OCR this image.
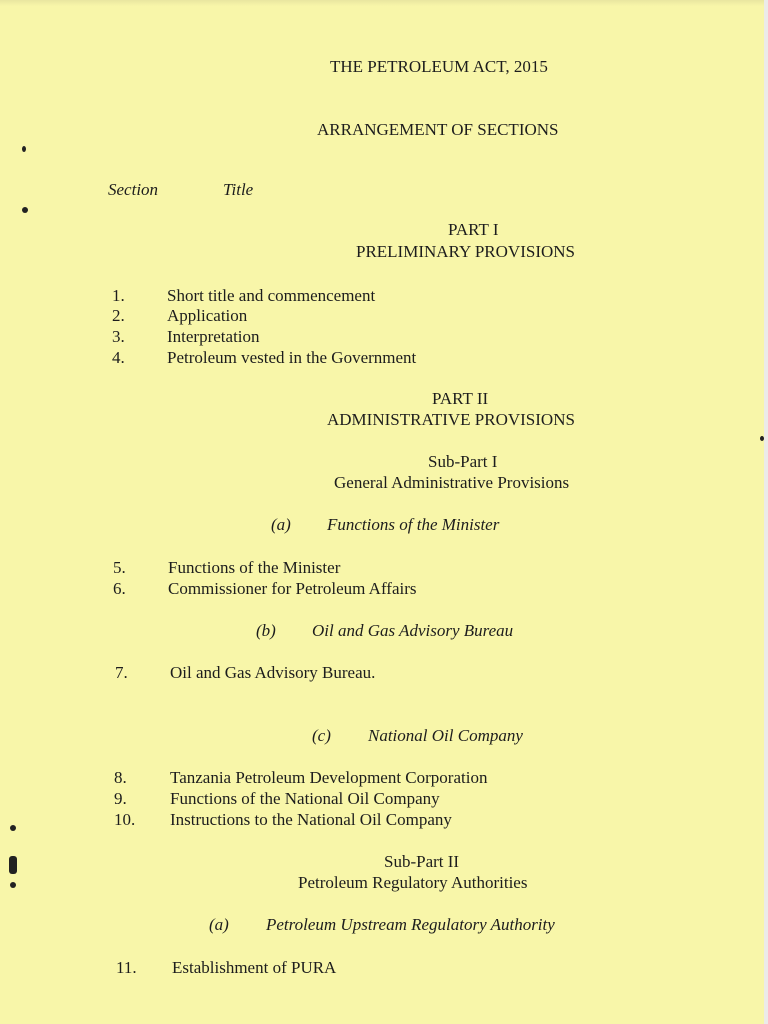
THE PETROLEUM ACT, 2015
ARRANGEMENT OF SECTIONS
Section	Title
PART I
PRELIMINARY PROVISIONS
1. Short title and commencement
2. Application
3. Interpretation
4. Petroleum vested in the Government
PART II
ADMINISTRATIVE PROVISIONS
Sub-Part I
General Administrative Provisions
(a) Functions of the Minister
5. Functions of the Minister
6. Commissioner for Petroleum Affairs
(b) Oil and Gas Advisory Bureau
7. Oil and Gas Advisory Bureau.
(c) National Oil Company
8.	Tanzania Petroleum Development Corporation
9.	Functions of the National Oil Company
10. Instructions to the National Oil Company
Sub-Part II
Petroleum Regulatory Authorities
(a) Petroleum Upstream Regulatory Authority
11. Establishment of PURA
